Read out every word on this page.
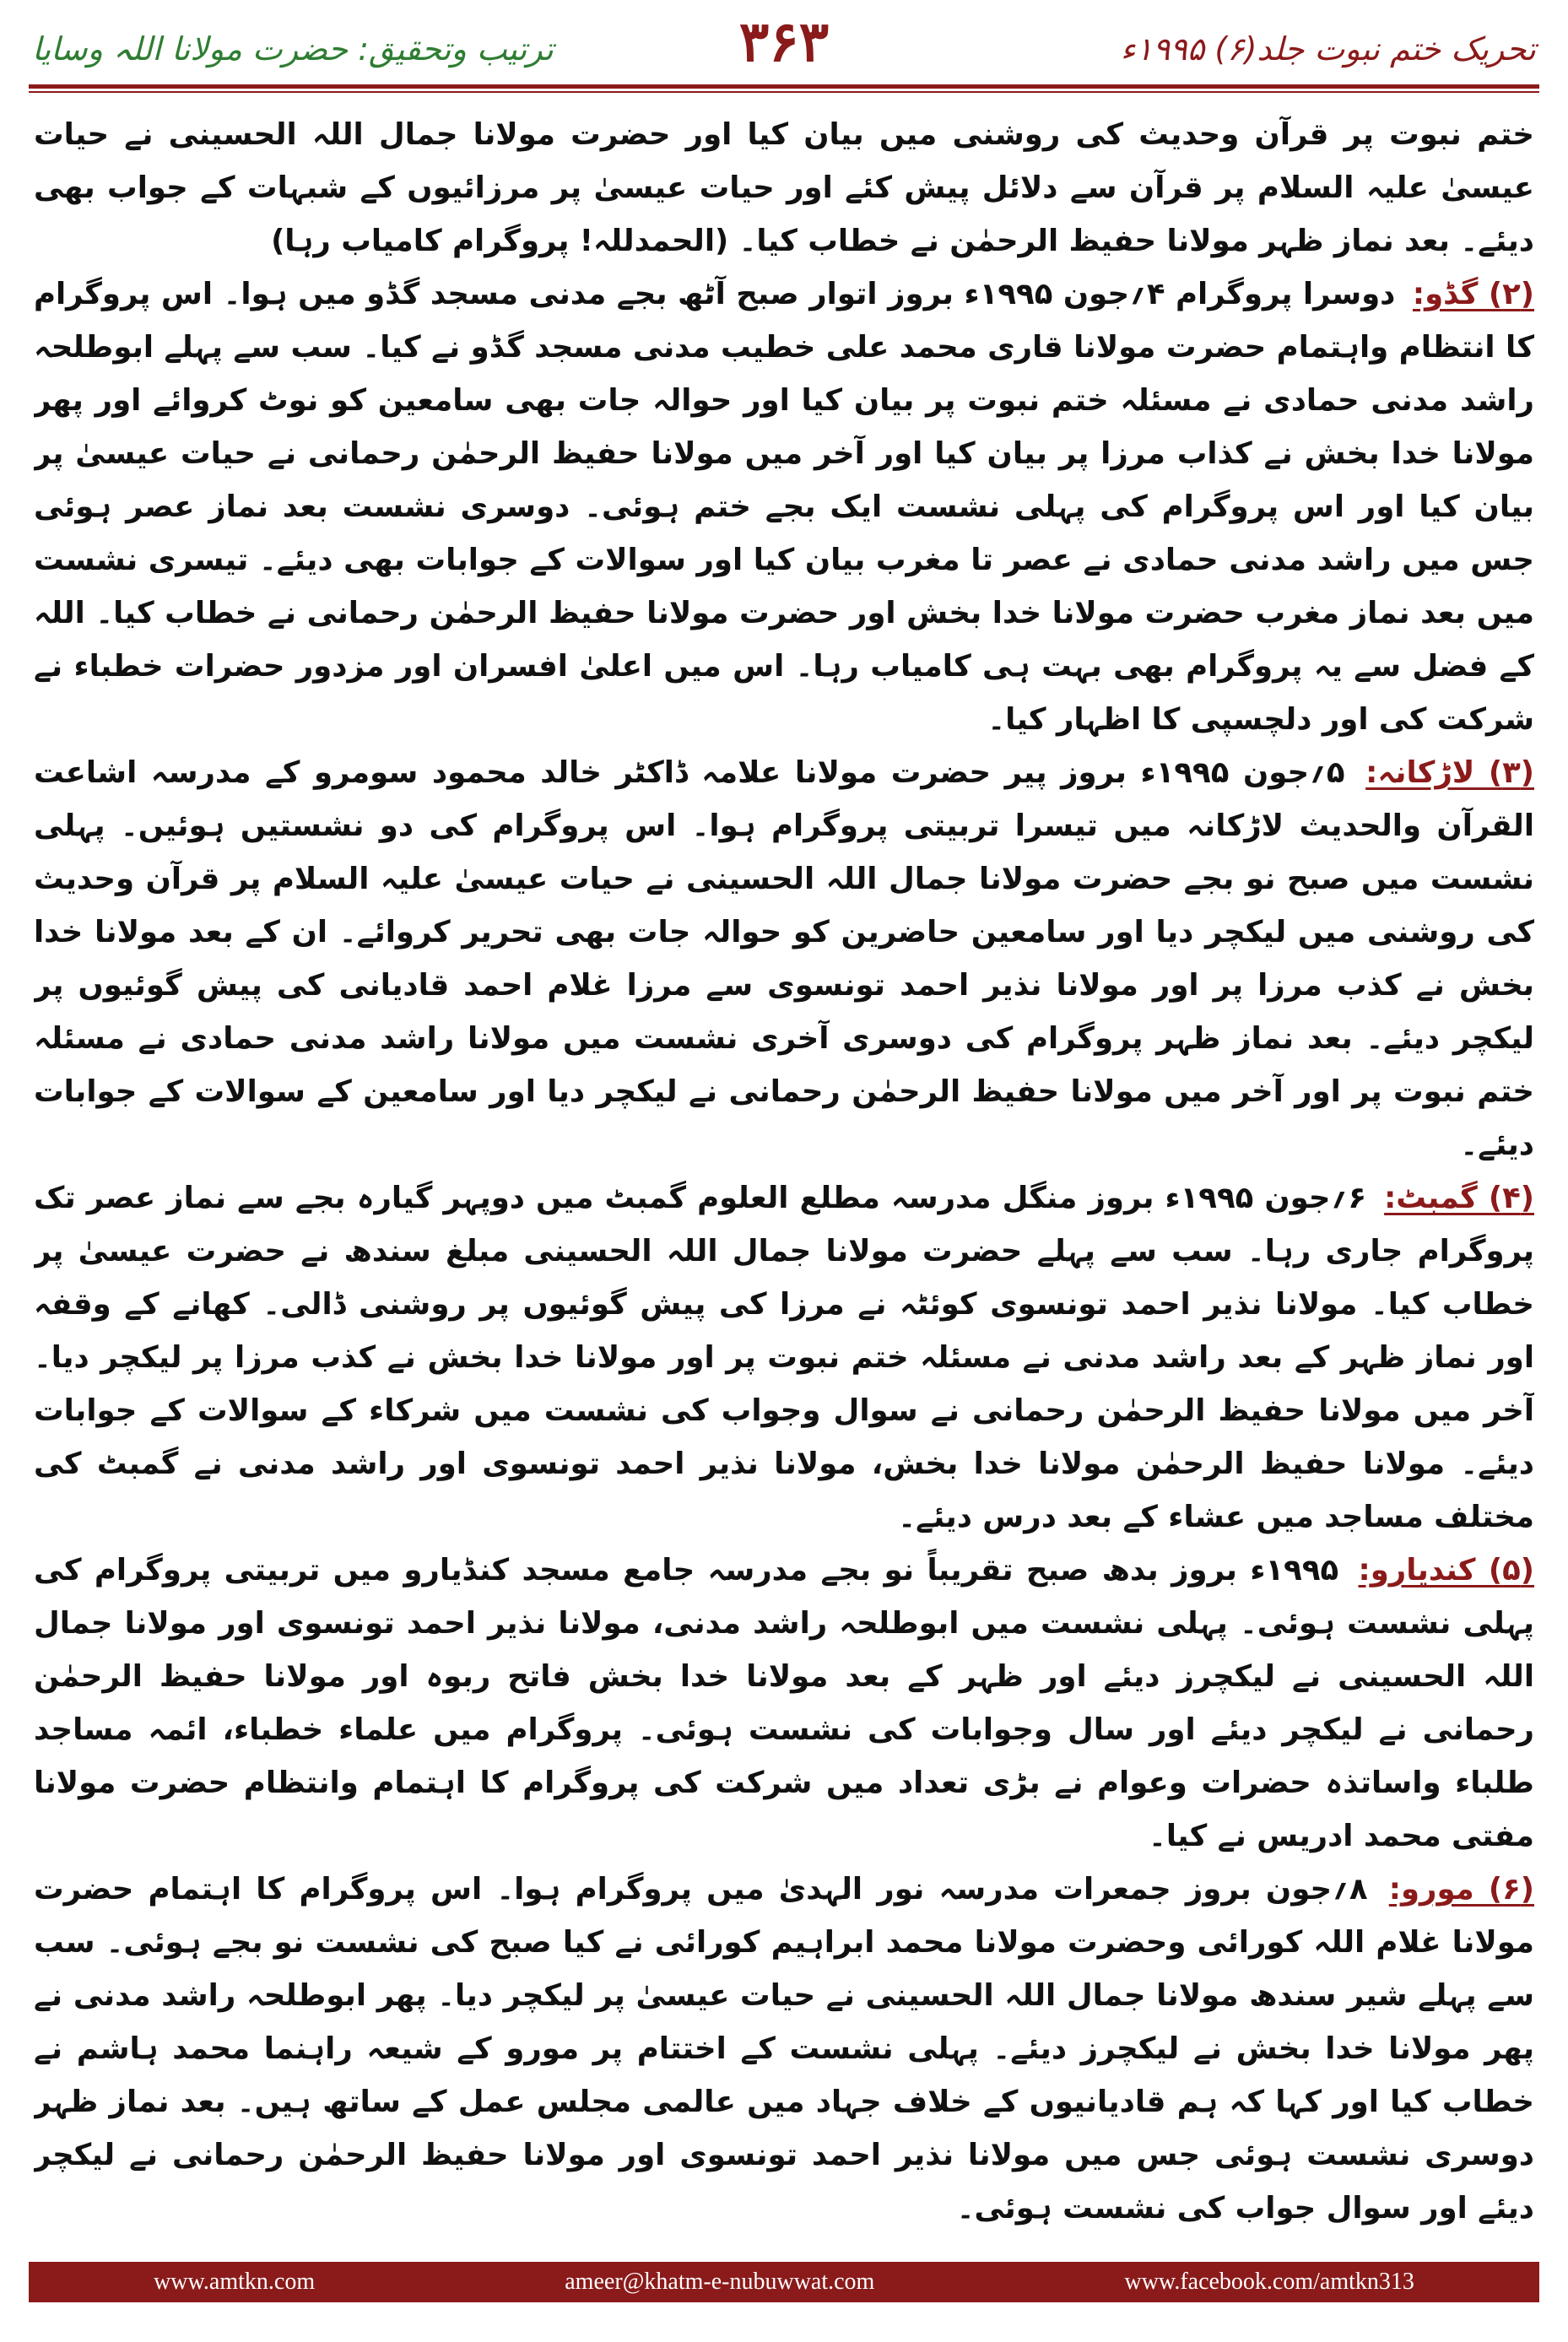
تحریک ختم نبوت جلد(۶) ۱۹۹۵ء
۳۶۳
ترتیب وتحقیق: حضرت مولانا اللہ وسایا

ختم نبوت پر قرآن وحدیث کی روشنی میں بیان کیا اور حضرت مولانا جمال اللہ الحسینی نے حیات عیسیٰ علیہ السلام پر قرآن سے دلائل پیش کئے اور حیات عیسیٰ پر مرزائیوں کے شبہات کے جواب بھی دیئے۔ بعد نماز ظہر مولانا حفیظ الرحمٰن نے خطاب کیا۔ (الحمدللہ! پروگرام کامیاب رہا)

(۲) گڈو: دوسرا پروگرام ۴؍جون ۱۹۹۵ء بروز اتوار صبح آٹھ بجے مدنی مسجد گڈو میں ہوا۔ اس پروگرام کا انتظام واہتمام حضرت مولانا قاری محمد علی خطیب مدنی مسجد گڈو نے کیا۔ سب سے پہلے ابوطلحہ راشد مدنی حمادی نے مسئلہ ختم نبوت پر بیان کیا اور حوالہ جات بھی سامعین کو نوٹ کروائے اور پھر مولانا خدا بخش نے کذاب مرزا پر بیان کیا اور آخر میں مولانا حفیظ الرحمٰن رحمانی نے حیات عیسیٰ پر بیان کیا اور اس پروگرام کی پہلی نشست ایک بجے ختم ہوئی۔ دوسری نشست بعد نماز عصر ہوئی جس میں راشد مدنی حمادی نے عصر تا مغرب بیان کیا اور سوالات کے جوابات بھی دیئے۔ تیسری نشست میں بعد نماز مغرب حضرت مولانا خدا بخش اور حضرت مولانا حفیظ الرحمٰن رحمانی نے خطاب کیا۔ اللہ کے فضل سے یہ پروگرام بھی بہت ہی کامیاب رہا۔ اس میں اعلیٰ افسران اور مزدور حضرات خطباء نے شرکت کی اور دلچسپی کا اظہار کیا۔

(۳) لاڑکانہ: ۵؍جون ۱۹۹۵ء بروز پیر حضرت مولانا علامہ ڈاکٹر خالد محمود سومرو کے مدرسہ اشاعت القرآن والحدیث لاڑکانہ میں تیسرا تربیتی پروگرام ہوا۔ اس پروگرام کی دو نشستیں ہوئیں۔ پہلی نشست میں صبح نو بجے حضرت مولانا جمال اللہ الحسینی نے حیات عیسیٰ علیہ السلام پر قرآن وحدیث کی روشنی میں لیکچر دیا اور سامعین حاضرین کو حوالہ جات بھی تحریر کروائے۔ ان کے بعد مولانا خدا بخش نے کذب مرزا پر اور مولانا نذیر احمد تونسوی سے مرزا غلام احمد قادیانی کی پیش گوئیوں پر لیکچر دیئے۔ بعد نماز ظہر پروگرام کی دوسری آخری نشست میں مولانا راشد مدنی حمادی نے مسئلہ ختم نبوت پر اور آخر میں مولانا حفیظ الرحمٰن رحمانی نے لیکچر دیا اور سامعین کے سوالات کے جوابات دیئے۔

(۴) گمبٹ: ۶؍جون ۱۹۹۵ء بروز منگل مدرسہ مطلع العلوم گمبٹ میں دوپہر گیارہ بجے سے نماز عصر تک پروگرام جاری رہا۔ سب سے پہلے حضرت مولانا جمال اللہ الحسینی مبلغ سندھ نے حضرت عیسیٰ پر خطاب کیا۔ مولانا نذیر احمد تونسوی کوئٹہ نے مرزا کی پیش گوئیوں پر روشنی ڈالی۔ کھانے کے وقفہ اور نماز ظہر کے بعد راشد مدنی نے مسئلہ ختم نبوت پر اور مولانا خدا بخش نے کذب مرزا پر لیکچر دیا۔ آخر میں مولانا حفیظ الرحمٰن رحمانی نے سوال وجواب کی نشست میں شرکاء کے سوالات کے جوابات دیئے۔ مولانا حفیظ الرحمٰن مولانا خدا بخش، مولانا نذیر احمد تونسوی اور راشد مدنی نے گمبٹ کی مختلف مساجد میں عشاء کے بعد درس دیئے۔

(۵) کندیارو: ۱۹۹۵ء بروز بدھ صبح تقریباً نو بجے مدرسہ جامع مسجد کنڈیارو میں تربیتی پروگرام کی پہلی نشست ہوئی۔ پہلی نشست میں ابوطلحہ راشد مدنی، مولانا نذیر احمد تونسوی اور مولانا جمال اللہ الحسینی نے لیکچرز دیئے اور ظہر کے بعد مولانا خدا بخش فاتح ربوہ اور مولانا حفیظ الرحمٰن رحمانی نے لیکچر دیئے اور سال وجوابات کی نشست ہوئی۔ پروگرام میں علماء خطباء، ائمہ مساجد طلباء واساتذہ حضرات وعوام نے بڑی تعداد میں شرکت کی پروگرام کا اہتمام وانتظام حضرت مولانا مفتی محمد ادریس نے کیا۔

(۶) مورو: ۸؍جون بروز جمعرات مدرسہ نور الہدیٰ میں پروگرام ہوا۔ اس پروگرام کا اہتمام حضرت مولانا غلام اللہ کورائی وحضرت مولانا محمد ابراہیم کورائی نے کیا صبح کی نشست نو بجے ہوئی۔ سب سے پہلے شیر سندھ مولانا جمال اللہ الحسینی نے حیات عیسیٰ پر لیکچر دیا۔ پھر ابوطلحہ راشد مدنی نے پھر مولانا خدا بخش نے لیکچرز دیئے۔ پہلی نشست کے اختتام پر مورو کے شیعہ راہنما محمد ہاشم نے خطاب کیا اور کہا کہ ہم قادیانیوں کے خلاف جہاد میں عالمی مجلس عمل کے ساتھ ہیں۔ بعد نماز ظہر دوسری نشست ہوئی جس میں مولانا نذیر احمد تونسوی اور مولانا حفیظ الرحمٰن رحمانی نے لیکچر دیئے اور سوال جواب کی نشست ہوئی۔

www.amtkn.com	ameer@khatm-e-nubuwwat.com	www.facebook.com/amtkn313
